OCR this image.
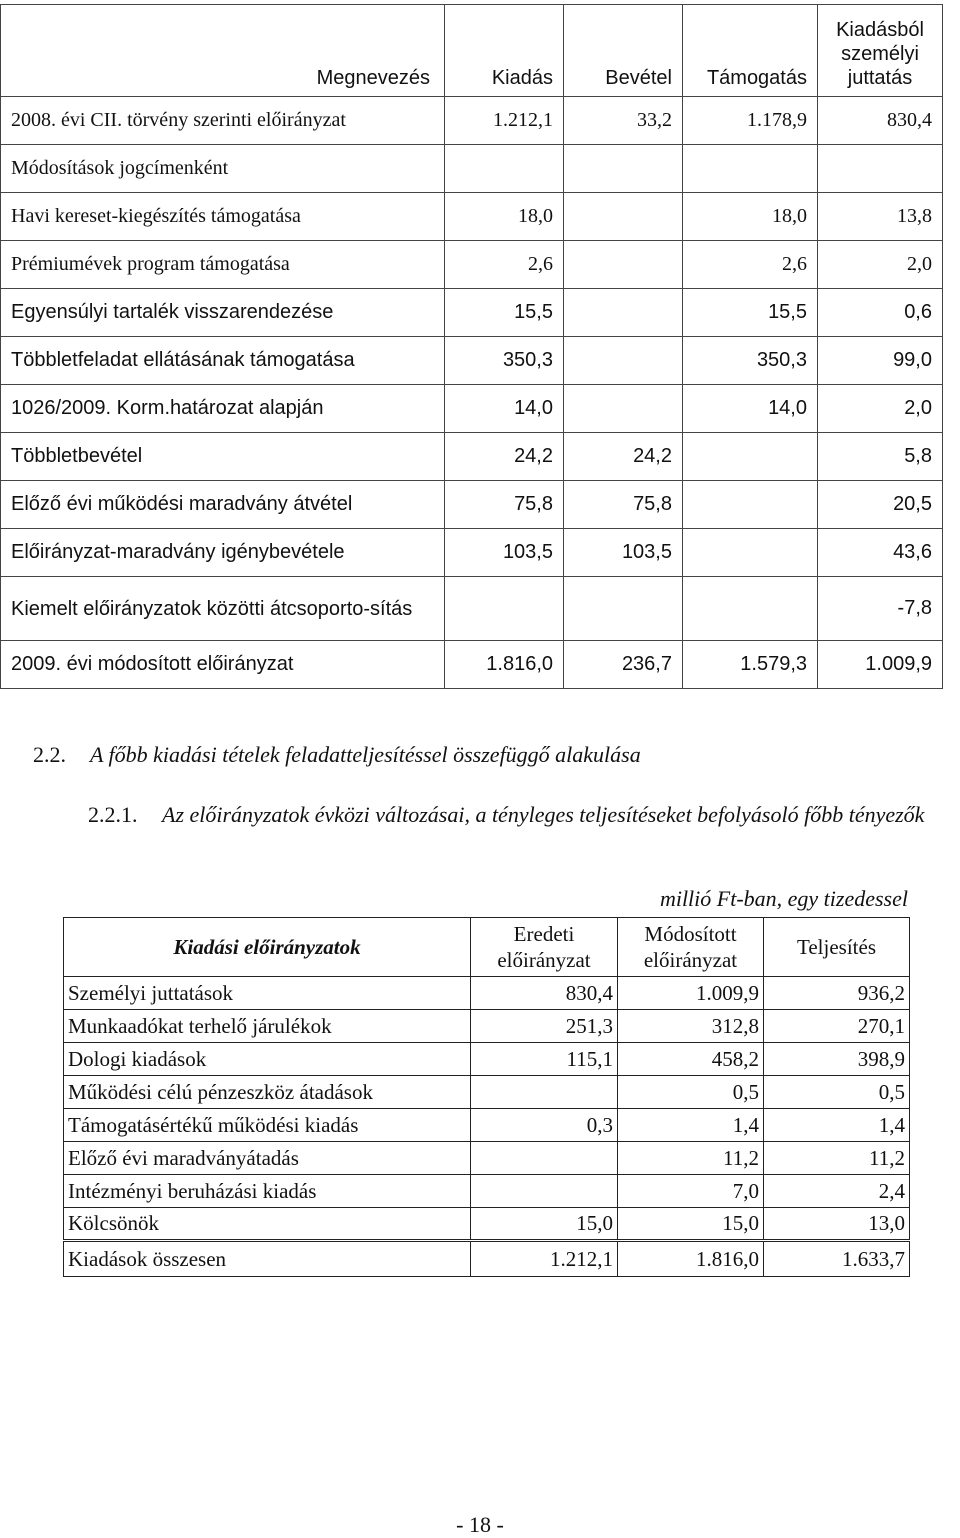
Megnevezés	Kiadás	Bevétel	Támogatás	Kiadásból személyi juttatás
2008. évi CII. törvény szerinti előirányzat	1.212,1	33,2	1.178,9	830,4
Módosítások jogcímenként				
Havi kereset-kiegészítés támogatása	18,0		18,0	13,8
Prémiumévek program támogatása	2,6		2,6	2,0
Egyensúlyi tartalék visszarendezése	15,5		15,5	0,6
Többletfeladat ellátásának támogatása	350,3		350,3	99,0
1026/2009. Korm.határozat alapján	14,0		14,0	2,0
Többletbevétel	24,2	24,2		5,8
Előző évi működési maradvány átvétel	75,8	75,8		20,5
Előirányzat-maradvány igénybevétele	103,5	103,5		43,6
Kiemelt előirányzatok közötti átcsoporto-sítás				-7,8
2009. évi módosított előirányzat	1.816,0	236,7	1.579,3	1.009,9
2.2. A főbb kiadási tételek feladatteljesítéssel összefüggő alakulása
2.2.1. Az előirányzatok évközi változásai, a tényleges teljesítéseket befolyásoló főbb tényezők
millió Ft-ban, egy tizedessel
Kiadási előirányzatok	Eredeti előirányzat	Módosított előirányzat	Teljesítés
Személyi juttatások	830,4	1.009,9	936,2
Munkaadókat terhelő járulékok	251,3	312,8	270,1
Dologi kiadások	115,1	458,2	398,9
Működési célú pénzeszköz átadások		0,5	0,5
Támogatásértékű működési kiadás	0,3	1,4	1,4
Előző évi maradványátadás		11,2	11,2
Intézményi beruházási kiadás		7,0	2,4
Kölcsönök	15,0	15,0	13,0
Kiadások összesen	1.212,1	1.816,0	1.633,7
- 18 -
